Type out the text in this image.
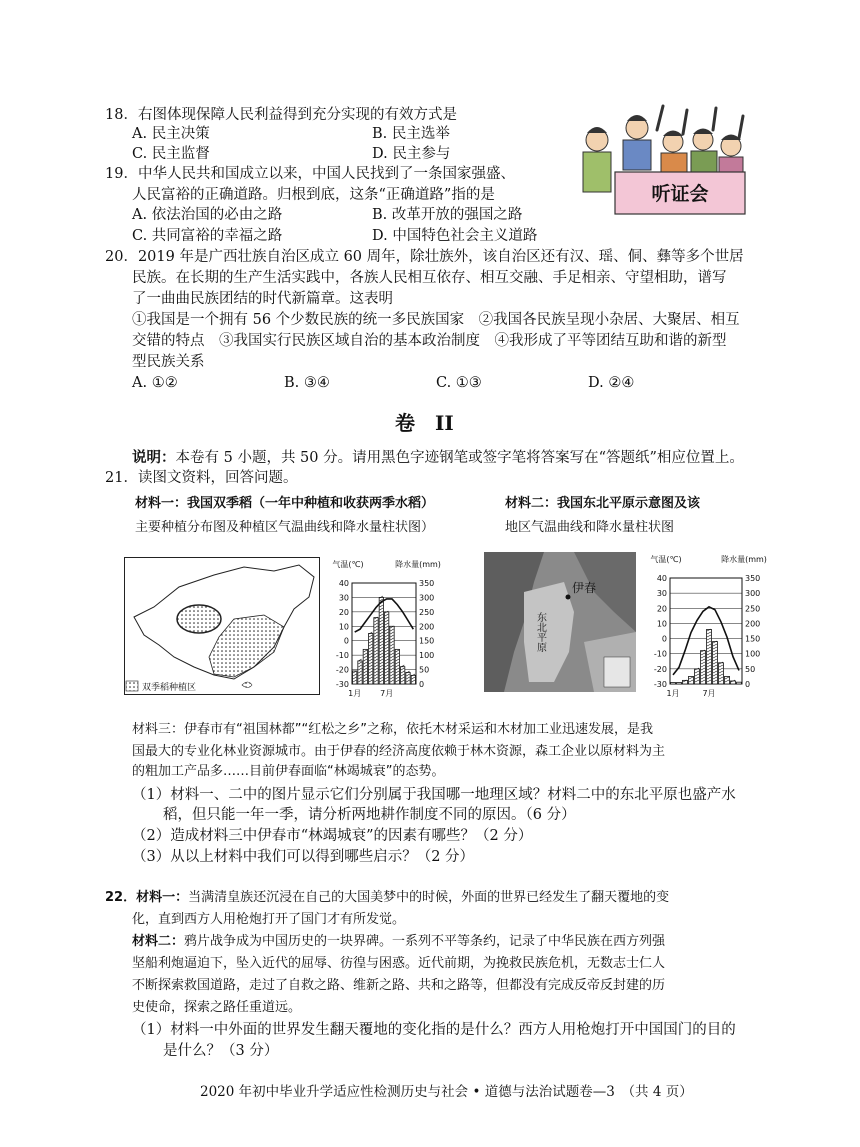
18．右图体现保障人民利益得到充分实现的有效方式是
A. 民主决策	B. 民主选举
C. 民主监督	D. 民主参与
听证会
19．中华人民共和国成立以来，中国人民找到了一条国家强盛、
人民富裕的正确道路。归根到底，这条“正确道路”指的是
A. 依法治国的必由之路	B. 改革开放的强国之路
C. 共同富裕的幸福之路	D. 中国特色社会主义道路
20．2019 年是广西壮族自治区成立 60 周年，除壮族外，该自治区还有汉、瑶、侗、彝等多个世居
民族。在长期的生产生活实践中，各族人民相互依存、相互交融、手足相亲、守望相助，谱写
了一曲曲民族团结的时代新篇章。这表明
①我国是一个拥有 56 个少数民族的统一多民族国家　②我国各民族呈现小杂居、大聚居、相互
交错的特点　③我国实行民族区域自治的基本政治制度　④我形成了平等团结互助和谐的新型
型民族关系
A. ①②	B. ③④	C. ①③	D. ②④
卷　II
说明：本卷有 5 小题，共 50 分。请用黑色字迹钢笔或签字笔将答案写在“答题纸”相应位置上。
21．读图文资料，回答问题。
材料一：我国双季稻（一年中种植和收获两季水稻）
主要种植分布图及种植区气温曲线和降水量柱状图）
材料二：我国东北平原示意图及该
地区气温曲线和降水量柱状图
双季稻种植区
气温(℃)	降水量(mm)
40
30
20
10
0
-10
-20
-30
350
300
250
200
150
100
50
0
1月 7月
伊春
东北平原
气温(℃)	降水量(mm)
40
30
20
10
0
-10
-20
-30
350
300
250
200
150
100
50
0
1月	7月
材料三：伊春市有“祖国林都”“红松之乡”之称，依托木材采运和木材加工业迅速发展，是我
国最大的专业化林业资源城市。由于伊春的经济高度依赖于林木资源，森工企业以原材料为主
的粗加工产品多……目前伊春面临“林竭城衰”的态势。
（1）材料一、二中的图片显示它们分别属于我国哪一地理区域？材料二中的东北平原也盛产水
稻，但只能一年一季，请分析两地耕作制度不同的原因。（6 分）
（2）造成材料三中伊春市“林竭城衰”的因素有哪些？（2 分）
（3）从以上材料中我们可以得到哪些启示？（2 分）
22．材料一：当满清皇族还沉浸在自己的大国美梦中的时候，外面的世界已经发生了翻天覆地的变
化，直到西方人用枪炮打开了国门才有所发觉。
材料二：鸦片战争成为中国历史的一块界碑。一系列不平等条约，记录了中华民族在西方列强
坚船利炮逼迫下，坠入近代的屈辱、彷徨与困惑。近代前期，为挽救民族危机，无数志士仁人
不断探索救国道路，走过了自救之路、维新之路、共和之路等，但都没有完成反帝反封建的历
史使命，探索之路任重道远。
（1）材料一中外面的世界发生翻天覆地的变化指的是什么？西方人用枪炮打开中国国门的目的
是什么？（3 分）
2020 年初中毕业升学适应性检测历史与社会 • 道德与法治试题卷—3　（共 4 页）
